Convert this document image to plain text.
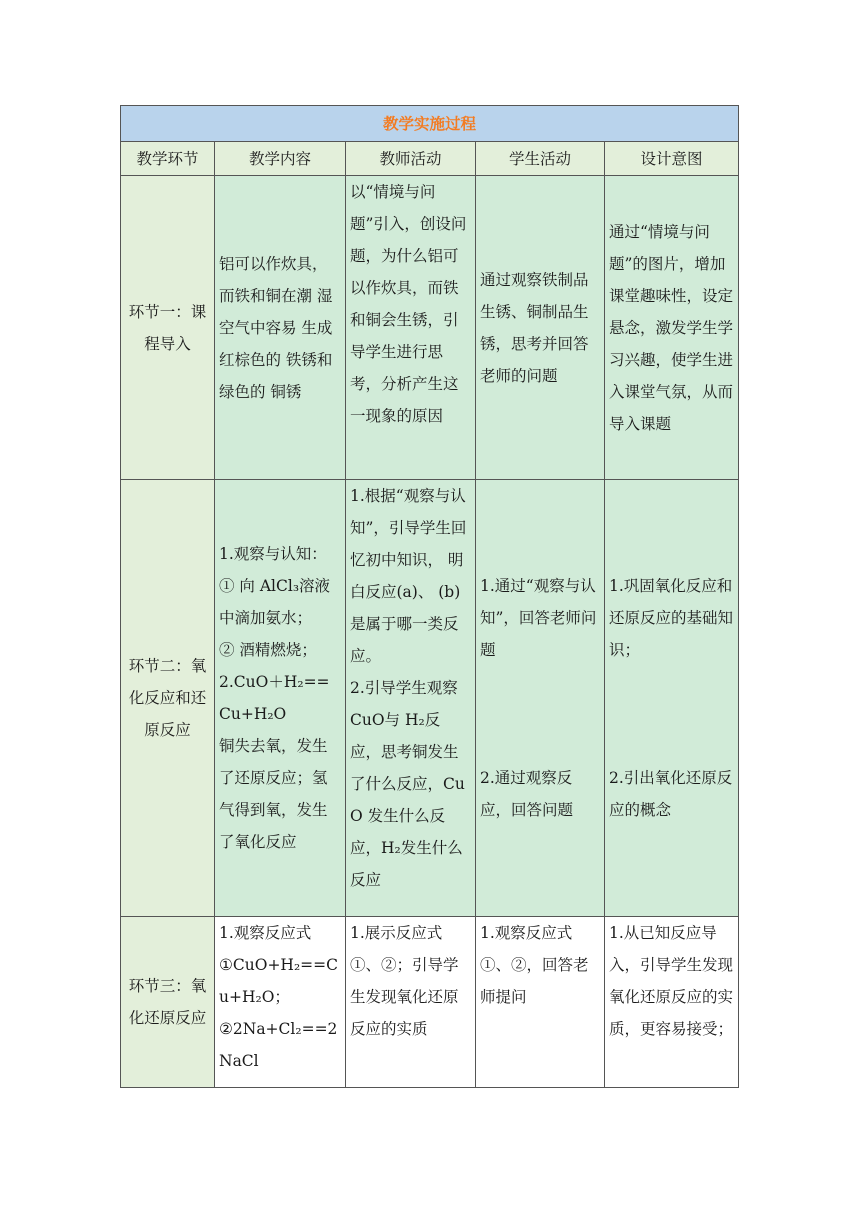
教学实施过程				
教学环节	教学内容	教师活动	学生活动	设计意图

环节一：课程导入	铝可以作炊具，而铁和铜在潮 湿空气中容易 生成红棕色的 铁锈和绿色的 铜锈	以“情境与问题”引入，创设问题，为什么铝可以作炊具，而铁和铜会生锈，引导学生进行思考，分析产生这一现象的原因	通过观察铁制品生锈、铜制品生锈，思考并回答老师的问题	通过“情境与问题”的图片，增加课堂趣味性，设定悬念，激发学生学习兴趣，使学生进入课堂气氛，从而导入课题

环节二：氧化反应和还原反应	1.观察与认知：
① 向 AlCl₃溶液中滴加氨水；
② 酒精燃烧；
2.CuO＋H₂==Cu+H₂O
铜失去氧，发生了还原反应；氢气得到氧，发生了氧化反应	1.根据“观察与认知”，引导学生回忆初中知识， 明白反应(a)、 (b)是属于哪一类反应。
2.引导学生观察 CuO与 H₂反
应，思考铜发生了什么反应，CuO 发生什么反应，H₂发生什么反应	1.通过“观察与认知”，回答老师问题
2.通过观察反应，回答问题	1.巩固氧化反应和还原反应的基础知识；
2.引出氧化还原反应的概念

环节三：氧化还原反应	1.观察反应式
①CuO+H₂==Cu+H₂O；
②2Na+Cl₂==2NaCl	1.展示反应式①、②；引导学生发现氧化还原反应的实质	1.观察反应式①、②，回答老师提问	1.从已知反应导入，引导学生发现氧化还原反应的实质，更容易接受；
